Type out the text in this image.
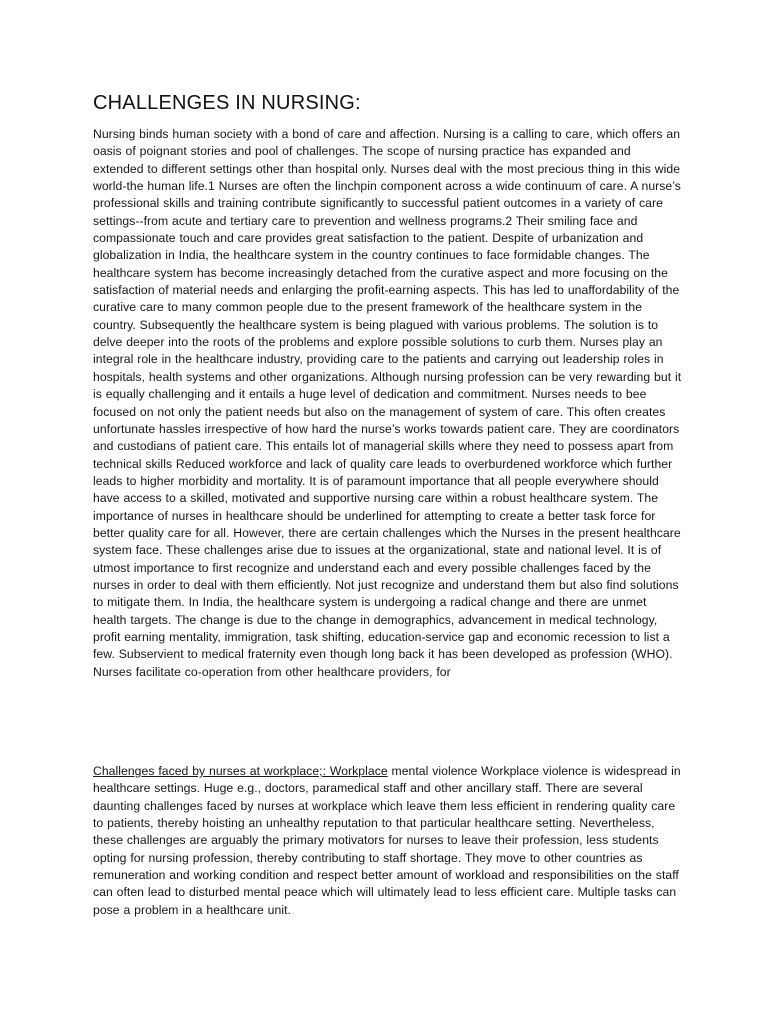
CHALLENGES IN NURSING:

Nursing binds human society with a bond of care and affection. Nursing is a calling to care, which offers an oasis of poignant stories and pool of challenges. The scope of nursing practice has expanded and extended to different settings other than hospital only. Nurses deal with the most precious thing in this wide world-the human life.1 Nurses are often the linchpin component across a wide continuum of care. A nurse’s professional skills and training contribute significantly to successful patient outcomes in a variety of care settings--from acute and tertiary care to prevention and wellness programs.2 Their smiling face and compassionate touch and care provides great satisfaction to the patient. Despite of urbanization and globalization in India, the healthcare system in the country continues to face formidable changes. The healthcare system has become increasingly detached from the curative aspect and more focusing on the satisfaction of material needs and enlarging the profit-earning aspects. This has led to unaffordability of the curative care to many common people due to the present framework of the healthcare system in the country. Subsequently the healthcare system is being plagued with various problems. The solution is to delve deeper into the roots of the problems and explore possible solutions to curb them. Nurses play an integral role in the healthcare industry, providing care to the patients and carrying out leadership roles in hospitals, health systems and other organizations. Although nursing profession can be very rewarding but it is equally challenging and it entails a huge level of dedication and commitment. Nurses needs to bee focused on not only the patient needs but also on the management of system of care. This often creates unfortunate hassles irrespective of how hard the nurse’s works towards patient care. They are coordinators and custodians of patient care. This entails lot of managerial skills where they need to possess apart from technical skills Reduced workforce and lack of quality care leads to overburdened workforce which further leads to higher morbidity and mortality. It is of paramount importance that all people everywhere should have access to a skilled, motivated and supportive nursing care within a robust healthcare system. The importance of nurses in healthcare should be underlined for attempting to create a better task force for better quality care for all. However, there are certain challenges which the Nurses in the present healthcare system face. These challenges arise due to issues at the organizational, state and national level. It is of utmost importance to first recognize and understand each and every possible challenges faced by the nurses in order to deal with them efficiently. Not just recognize and understand them but also find solutions to mitigate them. In India, the healthcare system is undergoing a radical change and there are unmet health targets. The change is due to the change in demographics, advancement in medical technology, profit earning mentality, immigration, task shifting, education-service gap and economic recession to list a few. Subservient to medical fraternity even though long back it has been developed as profession (WHO). Nurses facilitate co-operation from other healthcare providers, for

Challenges faced by nurses at workplace;: Workplace mental violence Workplace violence is widespread in healthcare settings. Huge e.g., doctors, paramedical staff and other ancillary staff. There are several daunting challenges faced by nurses at workplace which leave them less efficient in rendering quality care to patients, thereby hoisting an unhealthy reputation to that particular healthcare setting. Nevertheless, these challenges are arguably the primary motivators for nurses to leave their profession, less students opting for nursing profession, thereby contributing to staff shortage. They move to other countries as remuneration and working condition and respect better amount of workload and responsibilities on the staff can often lead to disturbed mental peace which will ultimately lead to less efficient care. Multiple tasks can pose a problem in a healthcare unit.
